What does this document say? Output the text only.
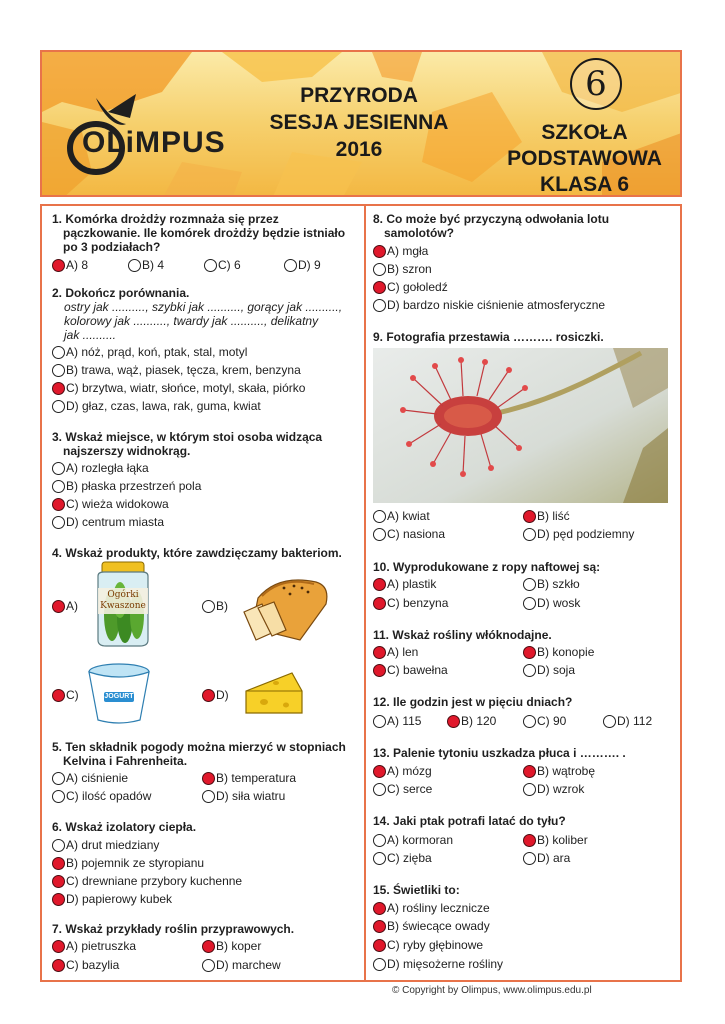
OLiMPUS
PRZYRODA
SESJA JESIENNA
2016
6
SZKOŁA
PODSTAWOWA
KLASA 6
1. Komórka drożdży rozmnaża się przez pączkowanie. Ile komórek drożdży będzie istniało po 3 podziałach?
A) 8	B) 4	C) 6	D) 9
2. Dokończ porównania.
ostry jak .........., szybki jak .........., gorący jak ..........,
kolorowy jak .........., twardy jak .........., delikatny
jak ..........
A) nóż, prąd, koń, ptak, stal, motyl
B) trawa, wąż, piasek, tęcza, krem, benzyna
C) brzytwa, wiatr, słońce, motyl, skała, piórko
D) głaz, czas, lawa, rak, guma, kwiat
3. Wskaż miejsce, w którym stoi osoba widząca najszerszy widnokrąg.
A) rozległa łąka
B) płaska przestrzeń pola
C) wieża widokowa
D) centrum miasta
4. Wskaż produkty, które zawdzięczamy bakteriom.
A)	B)
C)	D)
Ogórki
Kwaszone
JOGURT
5. Ten składnik pogody można mierzyć w stopniach Kelvina i Fahrenheita.
A) ciśnienie	B) temperatura
C) ilość opadów	D) siła wiatru
6. Wskaż izolatory ciepła.
A) drut miedziany
B) pojemnik ze styropianu
C) drewniane przybory kuchenne
D) papierowy kubek
7. Wskaż przykłady roślin przyprawowych.
A) pietruszka	B) koper
C) bazylia	D) marchew
8. Co może być przyczyną odwołania lotu samolotów?
A) mgła
B) szron
C) gołoledź
D) bardzo niskie ciśnienie atmosferyczne
9. Fotografia przestawia ………. rosiczki.
A) kwiat	B) liść
C) nasiona	D) pęd podziemny
10. Wyprodukowane z ropy naftowej są:
A) plastik	B) szkło
C) benzyna	D) wosk
11. Wskaż rośliny włóknodajne.
A) len	B) konopie
C) bawełna	D) soja
12. Ile godzin jest w pięciu dniach?
A) 115	B) 120	C) 90	D) 112
13. Palenie tytoniu uszkadza płuca i ………. .
A) mózg	B) wątrobę
C) serce	D) wzrok
14. Jaki ptak potrafi latać do tyłu?
A) kormoran	B) koliber
C) zięba	D) ara
15. Świetliki to:
A) rośliny lecznicze
B) świecące owady
C) ryby głębinowe
D) mięsożerne rośliny
© Copyright by Olimpus, www.olimpus.edu.pl
